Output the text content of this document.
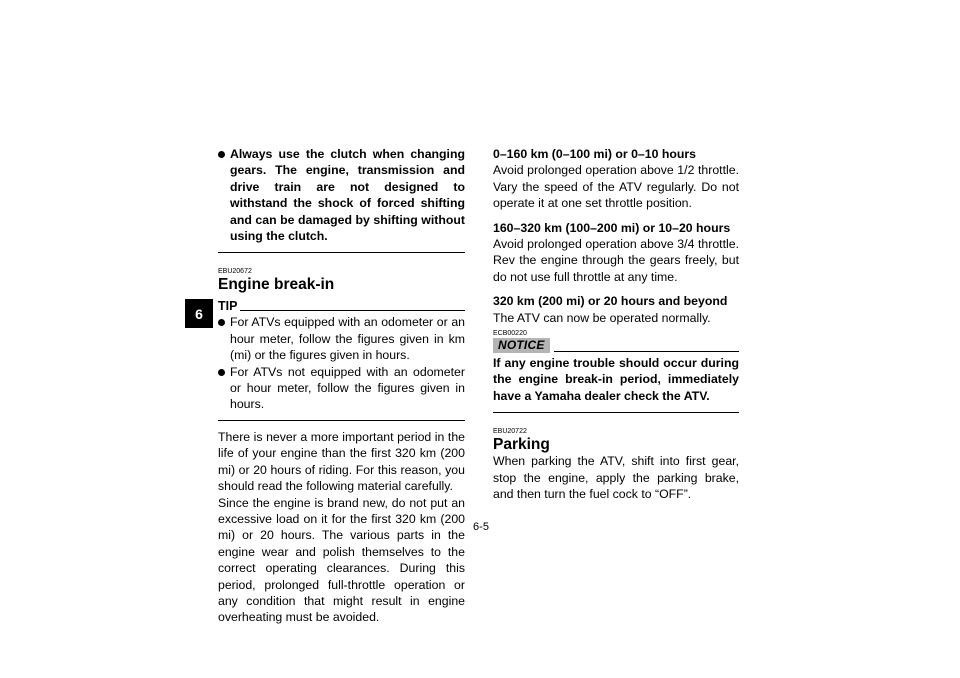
6
Always use the clutch when changing gears. The engine, transmission and drive train are not designed to withstand the shock of forced shifting and can be damaged by shifting without using the clutch.

EBU20672

Engine break-in
TIP
For ATVs equipped with an odometer or an hour meter, follow the figures given in km (mi) or the figures given in hours.
For ATVs not equipped with an odometer or hour meter, follow the figures given in hours.

There is never a more important period in the life of your engine than the first 320 km (200 mi) or 20 hours of riding. For this reason, you should read the following material carefully.

Since the engine is brand new, do not put an excessive load on it for the first 320 km (200 mi) or 20 hours. The various parts in the engine wear and polish themselves to the correct operating clearances. During this period, prolonged full-throttle operation or any condition that might result in engine overheating must be avoided.

0–160 km (0–100 mi) or 0–10 hours

Avoid prolonged operation above 1/2 throttle. Vary the speed of the ATV regularly. Do not operate it at one set throttle position.

160–320 km (100–200 mi) or 10–20 hours

Avoid prolonged operation above 3/4 throttle. Rev the engine through the gears freely, but do not use full throttle at any time.

320 km (200 mi) or 20 hours and beyond

The ATV can now be operated normally.

ECB00220

NOTICE

If any engine trouble should occur during the engine break-in period, immediately have a Yamaha dealer check the ATV.

EBU20722

Parking

When parking the ATV, shift into first gear, stop the engine, apply the parking brake, and then turn the fuel cock to “OFF”.

6-5
